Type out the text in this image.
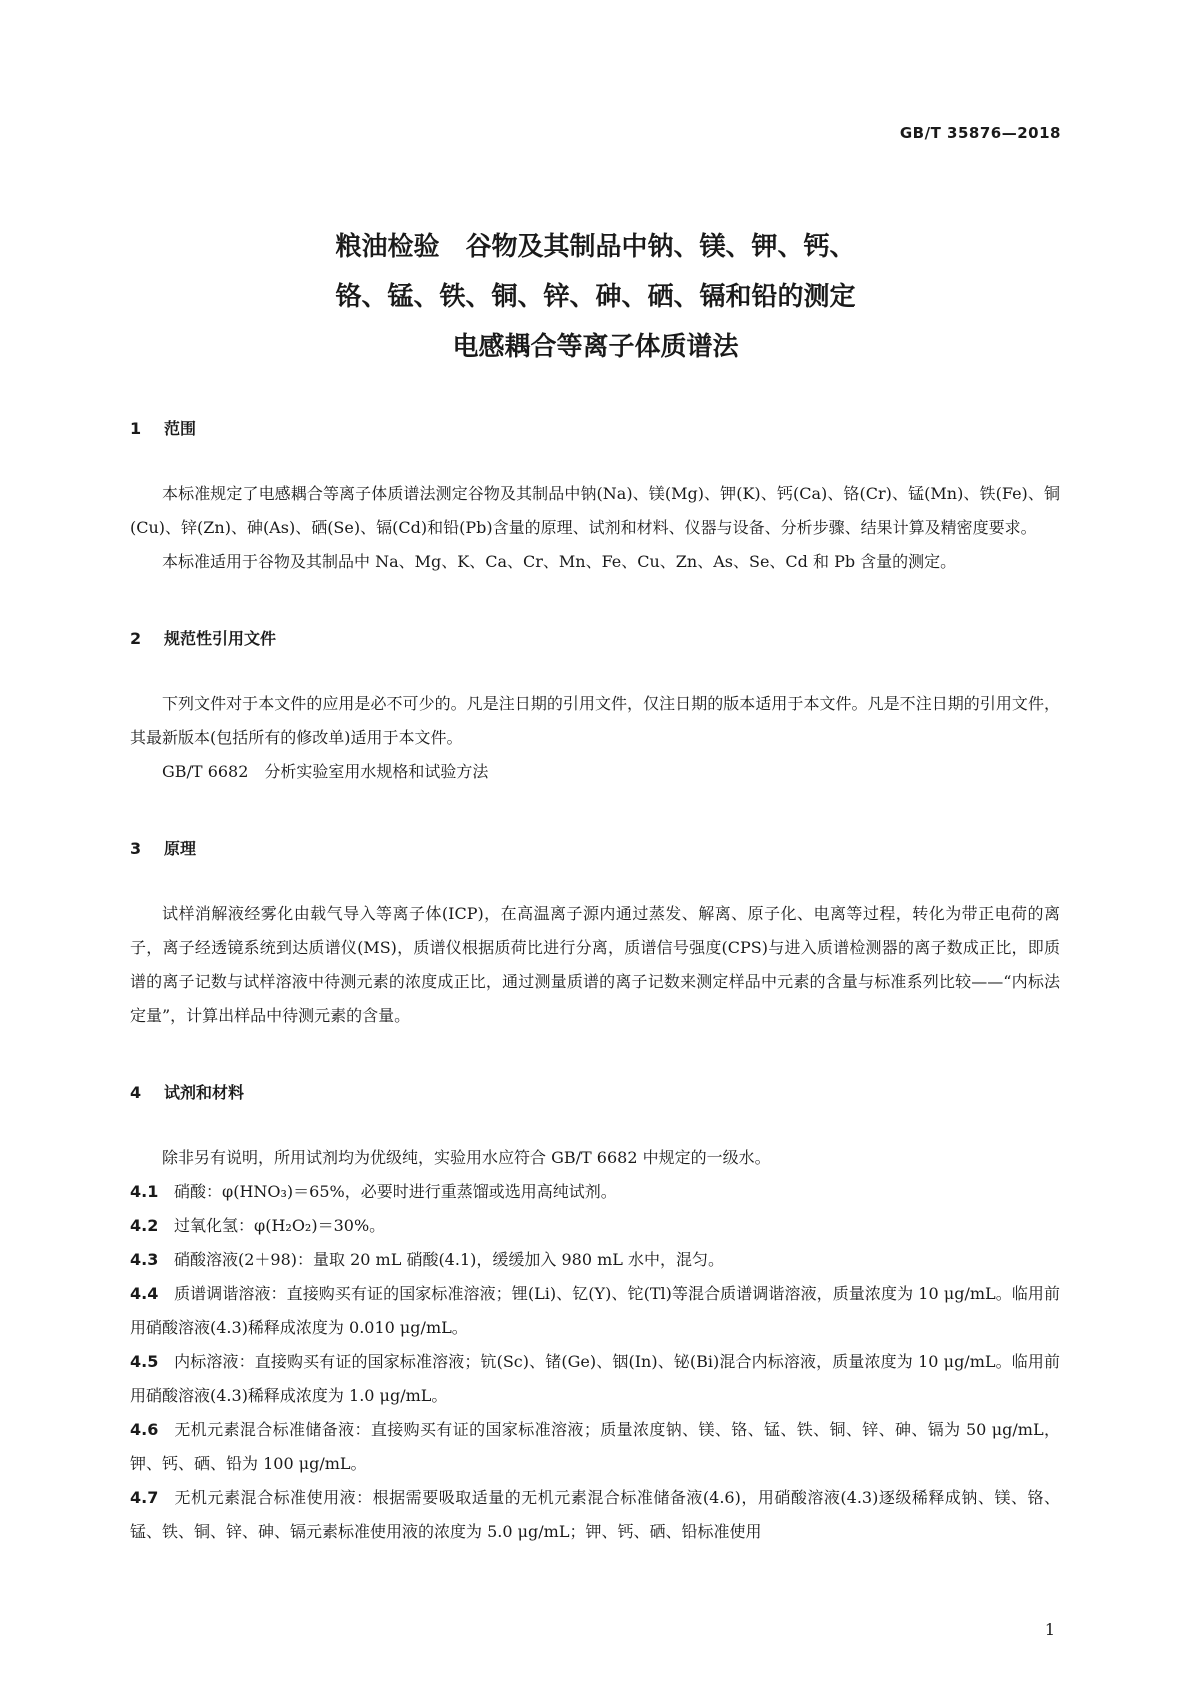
GB/T 35876—2018
粮油检验　谷物及其制品中钠、镁、钾、钙、
铬、锰、铁、铜、锌、砷、硒、镉和铅的测定
电感耦合等离子体质谱法
1	范围
本标准规定了电感耦合等离子体质谱法测定谷物及其制品中钠(Na)、镁(Mg)、钾(K)、钙(Ca)、铬(Cr)、锰(Mn)、铁(Fe)、铜(Cu)、锌(Zn)、砷(As)、硒(Se)、镉(Cd)和铅(Pb)含量的原理、试剂和材料、仪器与设备、分析步骤、结果计算及精密度要求。
本标准适用于谷物及其制品中 Na、Mg、K、Ca、Cr、Mn、Fe、Cu、Zn、As、Se、Cd 和 Pb 含量的测定。
2	规范性引用文件
下列文件对于本文件的应用是必不可少的。凡是注日期的引用文件，仅注日期的版本适用于本文件。凡是不注日期的引用文件，其最新版本(包括所有的修改单)适用于本文件。
GB/T 6682　分析实验室用水规格和试验方法
3	原理
试样消解液经雾化由载气导入等离子体(ICP)，在高温离子源内通过蒸发、解离、原子化、电离等过程，转化为带正电荷的离子，离子经透镜系统到达质谱仪(MS)，质谱仪根据质荷比进行分离，质谱信号强度(CPS)与进入质谱检测器的离子数成正比，即质谱的离子记数与试样溶液中待测元素的浓度成正比，通过测量质谱的离子记数来测定样品中元素的含量与标准系列比较——“内标法定量”，计算出样品中待测元素的含量。
4	试剂和材料
除非另有说明，所用试剂均为优级纯，实验用水应符合 GB/T 6682 中规定的一级水。
4.1 硝酸：φ(HNO₃)＝65%，必要时进行重蒸馏或选用高纯试剂。
4.2 过氧化氢：φ(H₂O₂)＝30%。
4.3 硝酸溶液(2＋98)：量取 20 mL 硝酸(4.1)，缓缓加入 980 mL 水中，混匀。
4.4 质谱调谐溶液：直接购买有证的国家标准溶液；锂(Li)、钇(Y)、铊(Tl)等混合质谱调谐溶液，质量浓度为 10 μg/mL。临用前用硝酸溶液(4.3)稀释成浓度为 0.010 μg/mL。
4.5 内标溶液：直接购买有证的国家标准溶液；钪(Sc)、锗(Ge)、铟(In)、铋(Bi)混合内标溶液，质量浓度为 10 μg/mL。临用前用硝酸溶液(4.3)稀释成浓度为 1.0 μg/mL。
4.6 无机元素混合标准储备液：直接购买有证的国家标准溶液；质量浓度钠、镁、铬、锰、铁、铜、锌、砷、镉为 50 μg/mL，钾、钙、硒、铅为 100 μg/mL。
4.7 无机元素混合标准使用液：根据需要吸取适量的无机元素混合标准储备液(4.6)，用硝酸溶液(4.3)逐级稀释成钠、镁、铬、锰、铁、铜、锌、砷、镉元素标准使用液的浓度为 5.0 μg/mL；钾、钙、硒、铅标准使用
1
